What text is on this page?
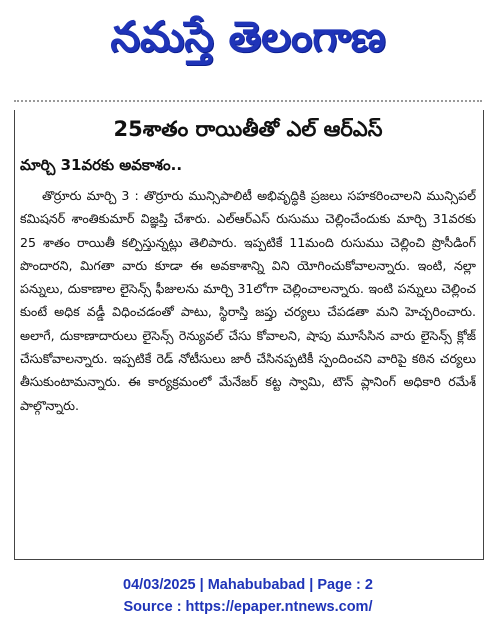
నమస్తే తెలంగాణ
25శాతం రాయితీతో ఎల్ ఆర్ఎస్
మార్చి 31వరకు అవకాశం..

తొర్రూరు మార్చి 3 : తొర్రూరు మున్సిపాలిటీ అభివృద్ధికి ప్రజలు సహకరించాలని మున్సిపల్ కమిషనర్ శాంతికుమార్ విజ్ఞప్తి చేశారు. ఎల్ఆర్ఎస్ రుసుము చెల్లించేందుకు మార్చి 31వరకు 25 శాతం రాయితీ కల్పిస్తున్నట్లు తెలిపారు. ఇప్పటికే 11మంది రుసుము చెల్లించి ప్రొసీడింగ్ పొందారని, మిగతా వారు కూడా ఈ అవకాశాన్ని విని యోగించుకోవాలన్నారు. ఇంటి, నల్లా పన్నులు, దుకాణాల లైసెన్స్ ఫీజులను మార్చి 31లోగా చెల్లించాలన్నారు. ఇంటి పన్నులు చెల్లించ కుంటే అధిక వడ్డీ విధించడంతో పాటు, స్థిరాస్తి జప్తు చర్యలు చేపడతా మని హెచ్చరించారు. అలాగే, దుకాణాదారులు లైసెన్స్ రెన్యువల్ చేసు కోవాలని, షాపు మూసేసిన వారు లైసెన్స్ క్లోజ్ చేసుకోవాలన్నారు. ఇప్పటికే రెడ్ నోటీసులు జారీ చేసినప్పటికీ స్పందించని వారిపై కఠిన చర్యలు తీసుకుంటామన్నారు. ఈ కార్యక్రమంలో మేనేజర్ కట్ట స్వామి, టౌన్ ప్లానింగ్ అధికారి రమేశ్ పాల్గొన్నారు.

04/03/2025 | Mahabubabad | Page : 2
Source : https://epaper.ntnews.com/
